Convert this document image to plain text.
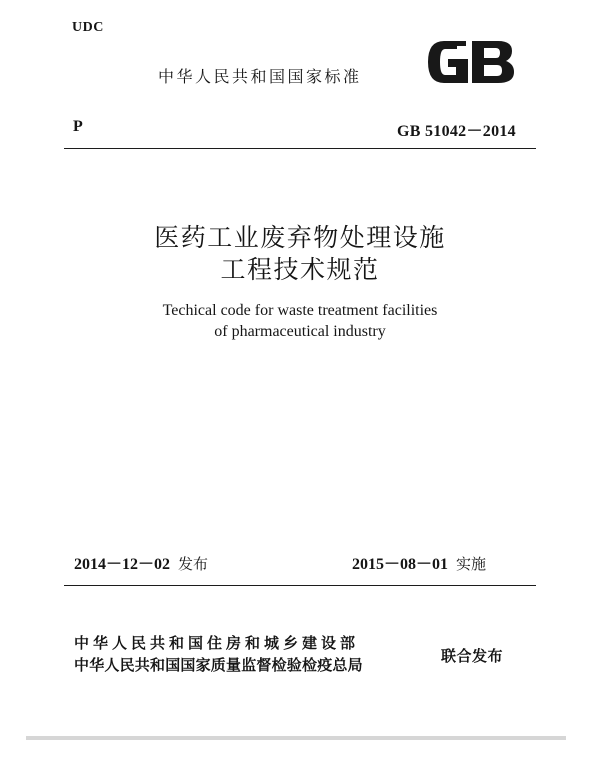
UDC
中华人民共和国国家标准
P	GB 51042－2014
医药工业废弃物处理设施
工程技术规范
Techical code for waste treatment facilities
of pharmaceutical industry
2014－12－02 发布	2015－08－01 实施
中华人民共和国住房和城乡建设部
中华人民共和国国家质量监督检验检疫总局	联合发布
